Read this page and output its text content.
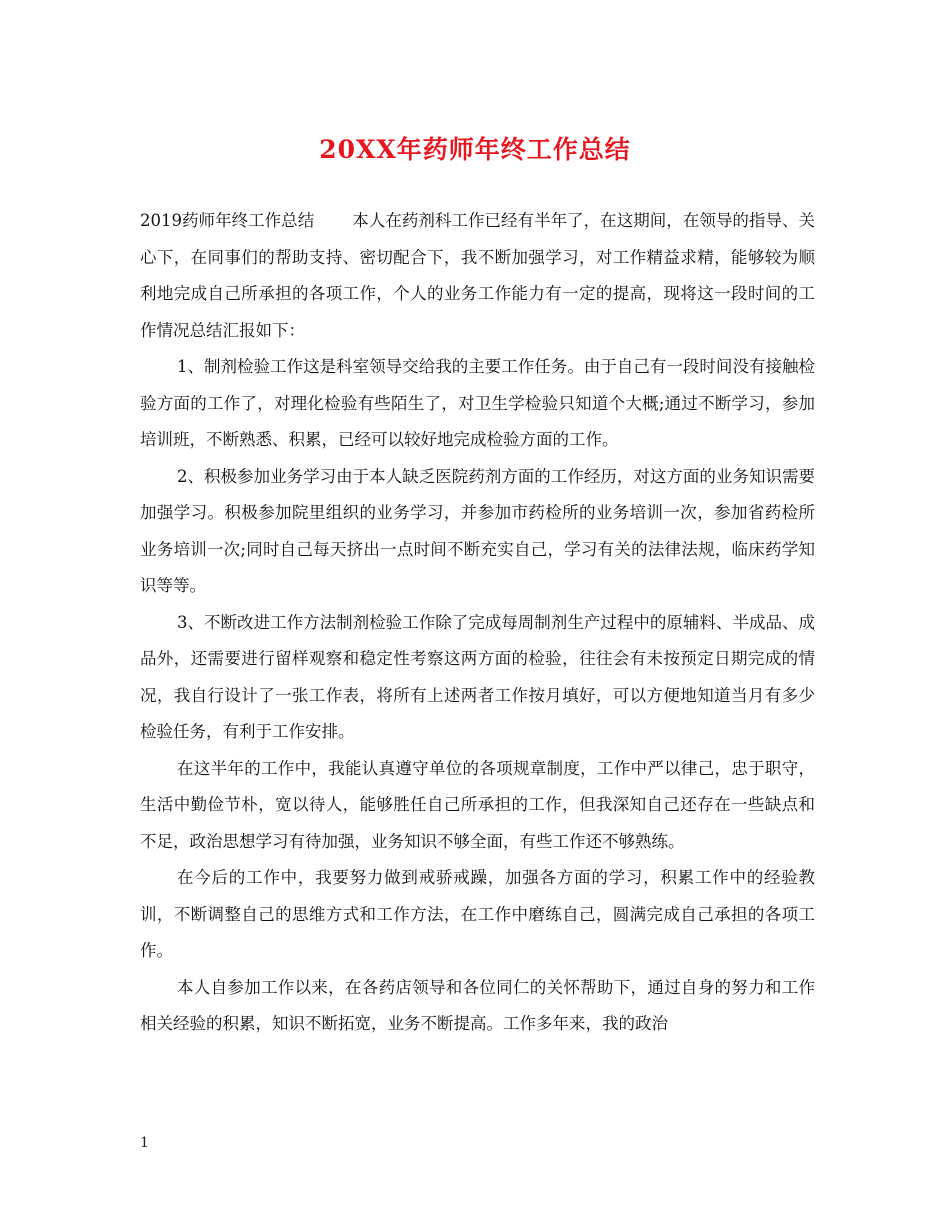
20XX年药师年终工作总结

2019药师年终工作总结 本人在药剂科工作已经有半年了，在这期间，在领导的指导、关心下，在同事们的帮助支持、密切配合下，我不断加强学习，对工作精益求精，能够较为顺利地完成自己所承担的各项工作，个人的业务工作能力有一定的提高，现将这一段时间的工作情况总结汇报如下：

1、制剂检验工作这是科室领导交给我的主要工作任务。由于自己有一段时间没有接触检验方面的工作了，对理化检验有些陌生了，对卫生学检验只知道个大概;通过不断学习，参加培训班，不断熟悉、积累，已经可以较好地完成检验方面的工作。

2、积极参加业务学习由于本人缺乏医院药剂方面的工作经历，对这方面的业务知识需要加强学习。积极参加院里组织的业务学习，并参加市药检所的业务培训一次，参加省药检所业务培训一次;同时自己每天挤出一点时间不断充实自己，学习有关的法律法规，临床药学知识等等。

3、不断改进工作方法制剂检验工作除了完成每周制剂生产过程中的原辅料、半成品、成品外，还需要进行留样观察和稳定性考察这两方面的检验，往往会有未按预定日期完成的情况，我自行设计了一张工作表，将所有上述两者工作按月填好，可以方便地知道当月有多少检验任务，有利于工作安排。

在这半年的工作中，我能认真遵守单位的各项规章制度，工作中严以律己，忠于职守，生活中勤俭节朴，宽以待人，能够胜任自己所承担的工作，但我深知自己还存在一些缺点和不足，政治思想学习有待加强，业务知识不够全面，有些工作还不够熟练。

在今后的工作中，我要努力做到戒骄戒躁，加强各方面的学习，积累工作中的经验教训，不断调整自己的思维方式和工作方法，在工作中磨练自己，圆满完成自己承担的各项工作。

本人自参加工作以来，在各药店领导和各位同仁的关怀帮助下，通过自身的努力和工作相关经验的积累，知识不断拓宽，业务不断提高。工作多年来，我的政治

1
